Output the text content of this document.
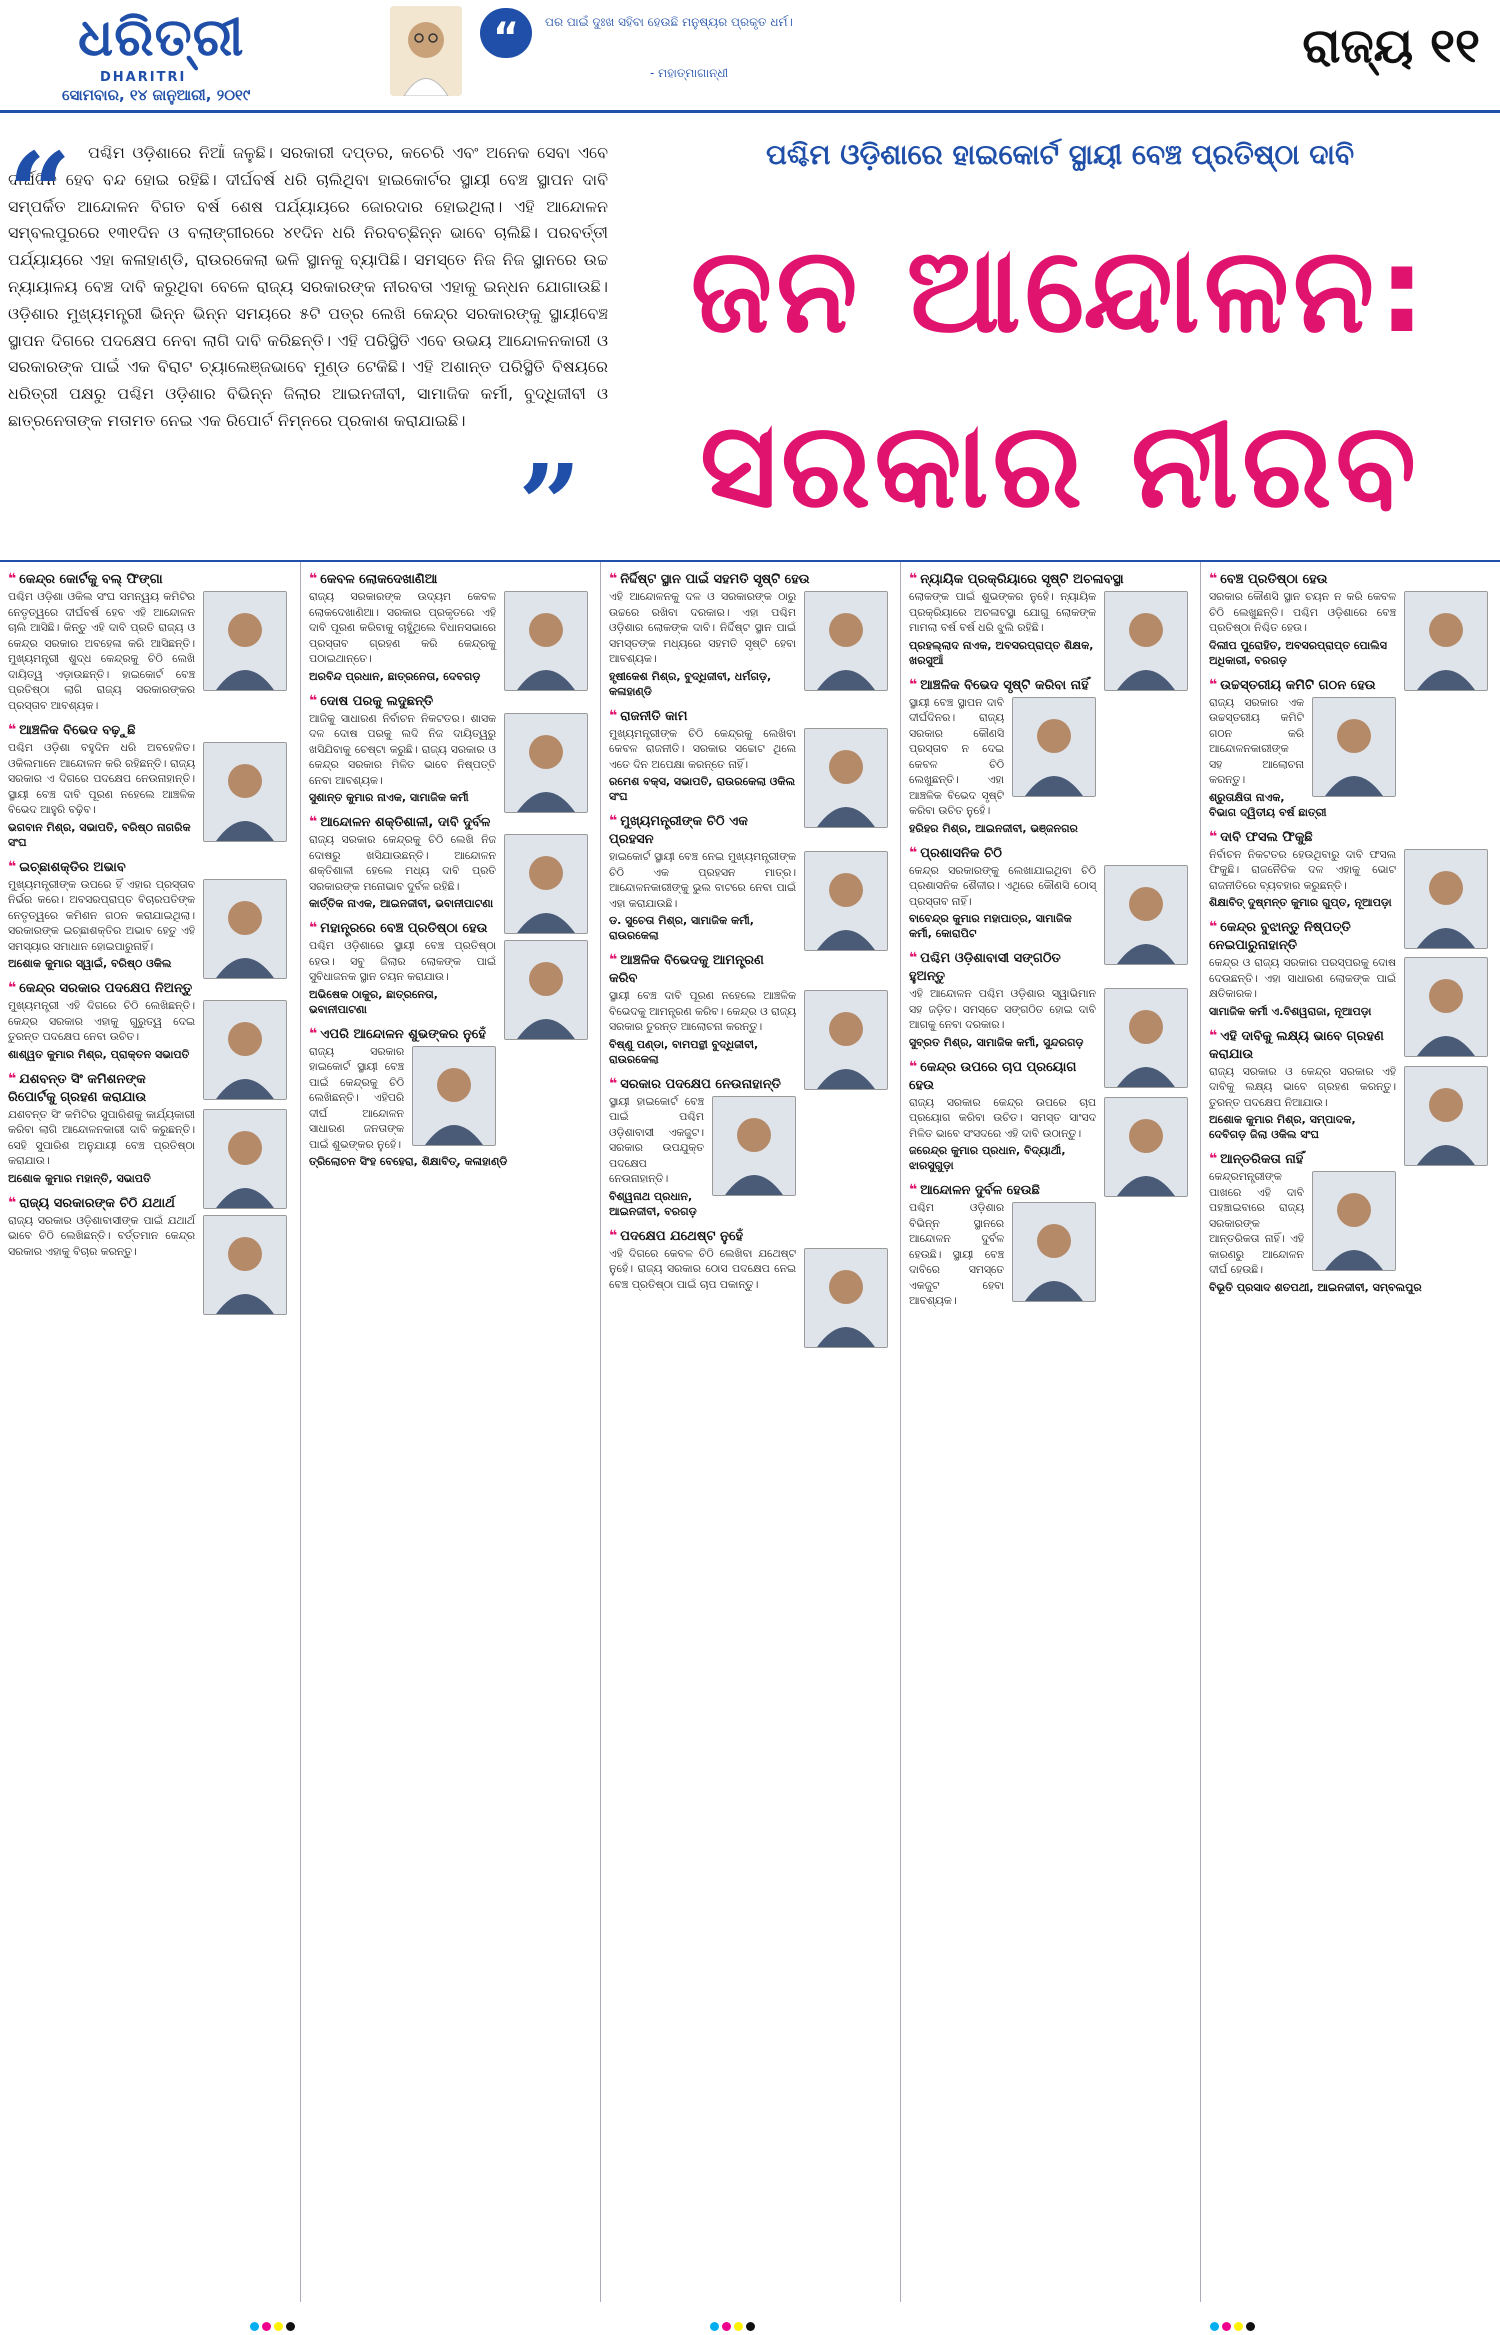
ଧରିତ୍ରୀ
DHARITRI
ସୋମବାର, ୧୪ ଜାନୁଆରୀ, ୨୦୧୯
“	ପର ପାଇଁ ଦୁଃଖ ସହିବା ହେଉଛି ମନୁଷ୍ୟର ପ୍ରକୃତ ଧର୍ମ।
- ମହାତ୍ମାଗାନ୍ଧୀ	ରାଜ୍ୟ ୧୧
ପଶ୍ଚିମ ଓଡ଼ିଶାରେ ନିଆଁ ଜଳୁଛି। ସରକାରୀ ଦପ୍ତର, କଚେରି ଏବଂ ଅନେକ ସେବା ଏବେ ଦୀର୍ଘଦିନ ହେବ ବନ୍ଦ ହୋଇ ରହିଛି। ଦୀର୍ଘବର୍ଷ ଧରି ଚାଲିଥିବା ହାଇକୋର୍ଟର ସ୍ଥାୟୀ ବେଞ୍ଚ ସ୍ଥାପନ ଦାବି ସମ୍ପର୍କିତ ଆନ୍ଦୋଳନ ବିଗତ ବର୍ଷ ଶେଷ ପର୍ଯ୍ୟାୟରେ ଜୋରଦାର ହୋଇଥିଲା। ଏହି ଆନ୍ଦୋଳନ ସମ୍ବଲପୁରରେ ୧୩୧ଦିନ ଓ ବଲାଙ୍ଗୀରରେ ୪୧ଦିନ ଧରି ନିରବଚ୍ଛିନ୍ନ ଭାବେ ଚାଲିଛି। ପରବର୍ତ୍ତୀ ପର୍ଯ୍ୟାୟରେ ଏହା କଳାହାଣ୍ଡି, ରାଉରକେଲା ଭଳି ସ୍ଥାନକୁ ବ୍ୟାପିଛି। ସମସ୍ତେ ନିଜ ନିଜ ସ୍ଥାନରେ ଉଚ୍ଚ ନ୍ୟାୟାଳୟ ବେଞ୍ଚ ଦାବି କରୁଥିବା ବେଳେ ରାଜ୍ୟ ସରକାରଙ୍କ ନୀରବତା ଏହାକୁ ଇନ୍ଧନ ଯୋଗାଉଛି। ଓଡ଼ିଶାର ମୁଖ୍ୟମନ୍ତ୍ରୀ ଭିନ୍ନ ଭିନ୍ନ ସମୟରେ ୫ଟି ପତ୍ର ଲେଖି କେନ୍ଦ୍ର ସରକାରଙ୍କୁ ସ୍ଥାୟୀବେଞ୍ଚ ସ୍ଥାପନ ଦିଗରେ ପଦକ୍ଷେପ ନେବା ଲାଗି ଦାବି କରିଛନ୍ତି। ଏହି ପରିସ୍ଥିତି ଏବେ ଉଭୟ ଆନ୍ଦୋଳନକାରୀ ଓ ସରକାରଙ୍କ ପାଇଁ ଏକ ବିରାଟ ଚ୍ୟାଲେଞ୍ଜଭାବେ ମୁଣ୍ଡ ଟେକିଛି। ଏହି ଅଶାନ୍ତ ପରିସ୍ଥିତି ବିଷୟରେ ଧରିତ୍ରୀ ପକ୍ଷରୁ ପଶ୍ଚିମ ଓଡ଼ିଶାର ବିଭିନ୍ନ ଜିଲାର ଆଇନଜୀବୀ, ସାମାଜିକ କର୍ମୀ, ବୁଦ୍ଧିଜୀବୀ ଓ ଛାତ୍ରନେତାଙ୍କ ମତାମତ ନେଇ ଏକ ରିପୋର୍ଟ ନିମ୍ନରେ ପ୍ରକାଶ କରାଯାଇଛି।
“
”
ପଶ୍ଚିମ ଓଡ଼ିଶାରେ ହାଇକୋର୍ଟ ସ୍ଥାୟୀ ବେଞ୍ଚ ପ୍ରତିଷ୍ଠା ଦାବି
ଜନ ଆନ୍ଦୋଳନ:
ସରକାର ନୀରବ
❝ କେନ୍ଦ୍ର କୋର୍ଟକୁ ବଲ୍ ଫିଙ୍ଗା
ପଶ୍ଚିମ ଓଡ଼ିଶା ଓକିଲ ସଂଘ ସମନ୍ୱୟ କମିଟିର ନେତୃତ୍ୱରେ ଦୀର୍ଘବର୍ଷ ହେବ ଏହି ଆନ୍ଦୋଳନ ଚାଲି ଆସିଛି। କିନ୍ତୁ ଏହି ଦାବି ପ୍ରତି ରାଜ୍ୟ ଓ କେନ୍ଦ୍ର ସରକାର ଅବହେଳା କରି ଆସିଛନ୍ତି। ମୁଖ୍ୟମନ୍ତ୍ରୀ ଶୁଦ୍ଧ କେନ୍ଦ୍ରକୁ ଚିଠି ଲେଖି ଦାୟିତ୍ୱ ଏଡ଼ାଉଛନ୍ତି। ହାଇକୋର୍ଟ ବେଞ୍ଚ ପ୍ରତିଷ୍ଠା ଲାଗି ରାଜ୍ୟ ସରକାରଙ୍କର ପ୍ରସ୍ତାବ ଆବଶ୍ୟକ।
❝ ଆଞ୍ଚଳିକ ବିଭେଦ ବଢ଼ୁଛି
ପଶ୍ଚିମ ଓଡ଼ିଶା ବହୁଦିନ ଧରି ଅବହେଳିତ। ଓକିଲମାନେ ଆନ୍ଦୋଳନ କରି ରହିଛନ୍ତି। ରାଜ୍ୟ ସରକାର ଏ ଦିଗରେ ପଦକ୍ଷେପ ନେଉନାହାନ୍ତି। ସ୍ଥାୟୀ ବେଞ୍ଚ ଦାବି ପୂରଣ ନହେଲେ ଆଞ୍ଚଳିକ ବିଭେଦ ଆହୁରି ବଢ଼ିବ।
ଭଗବାନ ମିଶ୍ର, ସଭାପତି, ବରିଷ୍ଠ ନାଗରିକ ସଂଘ
❝ ଇଚ୍ଛାଶକ୍ତିର ଅଭାବ
ମୁଖ୍ୟମନ୍ତ୍ରୀଙ୍କ ଉପରେ ହିଁ ଏହାର ପ୍ରସ୍ତାବ ନିର୍ଭର କରେ। ଅବସରପ୍ରାପ୍ତ ବିଚାରପତିଙ୍କ ନେତୃତ୍ୱରେ କମିଶନ ଗଠନ କରାଯାଇଥିଲା। ସରକାରଙ୍କ ଇଚ୍ଛାଶକ୍ତିର ଅଭାବ ହେତୁ ଏହି ସମସ୍ୟାର ସମାଧାନ ହୋଇପାରୁନାହିଁ।
ଅଶୋକ କୁମାର ସ୍ୱାଇଁ, ବରିଷ୍ଠ ଓକିଲ
❝ କେନ୍ଦ୍ର ସରକାର ପଦକ୍ଷେପ ନିଅନ୍ତୁ
ମୁଖ୍ୟମନ୍ତ୍ରୀ ଏହି ଦିଗରେ ଚିଠି ଲେଖିଛନ୍ତି। କେନ୍ଦ୍ର ସରକାର ଏହାକୁ ଗୁରୁତ୍ୱ ଦେଇ ତୁରନ୍ତ ପଦକ୍ଷେପ ନେବା ଉଚିତ।
ଶାଶ୍ୱତ କୁମାର ମିଶ୍ର, ପ୍ରାକ୍ତନ ସଭାପତି
❝ ଯଶବନ୍ତ ସିଂ କମିଶନଙ୍କ ରିପୋର୍ଟକୁ ଗ୍ରହଣ କରାଯାଉ
ଯଶବନ୍ତ ସିଂ କମିଟିର ସୁପାରିଶକୁ କାର୍ଯ୍ୟକାରୀ କରିବା ଲାଗି ଆନ୍ଦୋଳନକାରୀ ଦାବି କରୁଛନ୍ତି। ସେହି ସୁପାରିଶ ଅନୁଯାୟୀ ବେଞ୍ଚ ପ୍ରତିଷ୍ଠା କରାଯାଉ।
ଅଶୋକ କୁମାର ମହାନ୍ତି, ସଭାପତି
❝ ରାଜ୍ୟ ସରକାରଙ୍କ ଚିଠି ଯଥାର୍ଥ
ରାଜ୍ୟ ସରକାର ଓଡ଼ିଶାବାସୀଙ୍କ ପାଇଁ ଯଥାର୍ଥ ଭାବେ ଚିଠି ଲେଖିଛନ୍ତି। ବର୍ତ୍ତମାନ କେନ୍ଦ୍ର ସରକାର ଏହାକୁ ବିଚାର କରନ୍ତୁ।
❝ କେବଳ ଲୋକଦେଖାଣିଆ
ରାଜ୍ୟ ସରକାରଙ୍କ ଉଦ୍ୟମ କେବଳ ଲୋକଦେଖାଣିଆ। ସରକାର ପ୍ରକୃତରେ ଏହି ଦାବି ପୂରଣ କରିବାକୁ ଚାହୁଁଥିଲେ ବିଧାନସଭାରେ ପ୍ରସ୍ତାବ ଗ୍ରହଣ କରି କେନ୍ଦ୍ରକୁ ପଠାଇଥାନ୍ତେ।
ଅରବିନ୍ଦ ପ୍ରଧାନ, ଛାତ୍ରନେତା, ଦେବଗଡ଼
❝ ଦୋଷ ପରକୁ ଲଦୁଛନ୍ତି
ଆଜିକୁ ସାଧାରଣ ନିର୍ବାଚନ ନିକଟତର। ଶାସକ ଦଳ ଦୋଷ ପରକୁ ଲଦି ନିଜ ଦାୟିତ୍ୱରୁ ଖସିଯିବାକୁ ଚେଷ୍ଟା କରୁଛି। ରାଜ୍ୟ ସରକାର ଓ କେନ୍ଦ୍ର ସରକାର ମିଳିତ ଭାବେ ନିଷ୍ପତ୍ତି ନେବା ଆବଶ୍ୟକ।
ସୁଶାନ୍ତ କୁମାର ନାଏକ, ସାମାଜିକ କର୍ମୀ
❝ ଆନ୍ଦୋଳନ ଶକ୍ତିଶାଳୀ, ଦାବି ଦୁର୍ବଳ
ରାଜ୍ୟ ସରକାର କେନ୍ଦ୍ରକୁ ଚିଠି ଲେଖି ନିଜ ଦୋଷରୁ ଖସିଯାଉଛନ୍ତି। ଆନ୍ଦୋଳନ ଶକ୍ତିଶାଳୀ ହେଲେ ମଧ୍ୟ ଦାବି ପ୍ରତି ସରକାରଙ୍କ ମନୋଭାବ ଦୁର୍ବଳ ରହିଛି।
କାର୍ତ୍ତିକ ନାଏକ, ଆଇନଜୀବୀ, ଭବାନୀପାଟଣା
❝ ମହାନ୍ତ୍ରରେ ବେଞ୍ଚ ପ୍ରତିଷ୍ଠା ହେଉ
ପଶ୍ଚିମ ଓଡ଼ିଶାରେ ସ୍ଥାୟୀ ବେଞ୍ଚ ପ୍ରତିଷ୍ଠା ହେଉ। ସବୁ ଜିଲାର ଲୋକଙ୍କ ପାଇଁ ସୁବିଧାଜନକ ସ୍ଥାନ ଚୟନ କରାଯାଉ।
ଅଭିଷେକ ଠାକୁର, ଛାତ୍ରନେତା, ଭବାନୀପାଟଣା
❝ ଏପରି ଆନ୍ଦୋଳନ ଶୁଭଙ୍କର ନୁହେଁ
ରାଜ୍ୟ ସରକାର ହାଇକୋର୍ଟ ସ୍ଥାୟୀ ବେଞ୍ଚ ପାଇଁ କେନ୍ଦ୍ରକୁ ଚିଠି ଲେଖିଛନ୍ତି। ଏହିପରି ଦୀର୍ଘ ଆନ୍ଦୋଳନ ସାଧାରଣ ଜନତାଙ୍କ ପାଇଁ ଶୁଭଙ୍କର ନୁହେଁ।
ତ୍ରିଲୋଚନ ସିଂହ ବେହେରା, ଶିକ୍ଷାବିତ୍, କଳାହାଣ୍ଡି
❝ ନିର୍ଦ୍ଦିଷ୍ଟ ସ୍ଥାନ ପାଇଁ ସହମତି ସୃଷ୍ଟି ହେଉ
ଏହି ଆନ୍ଦୋଳନକୁ ଦଳ ଓ ସରକାରଙ୍କ ଠାରୁ ଉଚ୍ଚରେ ରଖିବା ଦରକାର। ଏହା ପଶ୍ଚିମ ଓଡ଼ିଶାର ଲୋକଙ୍କ ଦାବି। ନିର୍ଦ୍ଦିଷ୍ଟ ସ୍ଥାନ ପାଇଁ ସମସ୍ତଙ୍କ ମଧ୍ୟରେ ସହମତି ସୃଷ୍ଟି ହେବା ଆବଶ୍ୟକ।
ହୃଷୀକେଶ ମିଶ୍ର, ବୁଦ୍ଧିଜୀବୀ, ଧର୍ମଗଡ଼, କଳାହାଣ୍ଡି
❝ ରାଜନୀତି କାମ
ମୁଖ୍ୟମନ୍ତ୍ରୀଙ୍କ ଚିଠି କେନ୍ଦ୍ରକୁ ଲେଖିବା କେବଳ ରାଜନୀତି। ସରକାର ସଚ୍ଚୋଟ ଥିଲେ ଏତେ ଦିନ ଅପେକ୍ଷା କରନ୍ତେ ନାହିଁ।
ରମେଶ ବକ୍ସ, ସଭାପତି, ରାଉରକେଲା ଓକିଲ ସଂଘ
❝ ମୁଖ୍ୟମନ୍ତ୍ରୀଙ୍କ ଚିଠି ଏକ ପ୍ରହସନ
ହାଇକୋର୍ଟ ସ୍ଥାୟୀ ବେଞ୍ଚ ନେଇ ମୁଖ୍ୟମନ୍ତ୍ରୀଙ୍କ ଚିଠି ଏକ ପ୍ରହସନ ମାତ୍ର। ଆନ୍ଦୋଳନକାରୀଙ୍କୁ ଭୁଲ ବାଟରେ ନେବା ପାଇଁ ଏହା କରାଯାଉଛି।
ଡ. ସୁଚେତା ମିଶ୍ର, ସାମାଜିକ କର୍ମୀ, ରାଉରକେଲା
❝ ଆଞ୍ଚଳିକ ବିଭେଦକୁ ଆମନ୍ତ୍ରଣ କରିବ
ସ୍ଥାୟୀ ବେଞ୍ଚ ଦାବି ପୂରଣ ନହେଲେ ଆଞ୍ଚଳିକ ବିଭେଦକୁ ଆମନ୍ତ୍ରଣ କରିବ। କେନ୍ଦ୍ର ଓ ରାଜ୍ୟ ସରକାର ତୁରନ୍ତ ଆଲୋଚନା କରନ୍ତୁ।
ବିଷ୍ଣୁ ପଣ୍ଡା, ବାମପନ୍ଥୀ ବୁଦ୍ଧିଜୀବୀ, ରାଉରକେଲା
❝ ସରକାର ପଦକ୍ଷେପ ନେଉନାହାନ୍ତି
ସ୍ଥାୟୀ ହାଇକୋର୍ଟ ବେଞ୍ଚ ପାଇଁ ପଶ୍ଚିମ ଓଡ଼ିଶାବାସୀ ଏକଜୁଟ। ସରକାର ଉପଯୁକ୍ତ ପଦକ୍ଷେପ ନେଉନାହାନ୍ତି।
ବିଶ୍ୱନାଥ ପ୍ରଧାନ, ଆଇନଜୀବୀ, ବରଗଡ଼
❝ ପଦକ୍ଷେପ ଯଥେଷ୍ଟ ନୁହେଁ
ଏହି ଦିଗରେ କେବଳ ଚିଠି ଲେଖିବା ଯଥେଷ୍ଟ ନୁହେଁ। ରାଜ୍ୟ ସରକାର ଠୋସ ପଦକ୍ଷେପ ନେଇ ବେଞ୍ଚ ପ୍ରତିଷ୍ଠା ପାଇଁ ଚାପ ପକାନ୍ତୁ।
❝ ନ୍ୟାୟିକ ପ୍ରକ୍ରିୟାରେ ସୃଷ୍ଟି ଅଚଳାବସ୍ଥା
ଲୋକଙ୍କ ପାଇଁ ଶୁଭଙ୍କର ନୁହେଁ। ନ୍ୟାୟିକ ପ୍ରକ୍ରିୟାରେ ଅଚଳାବସ୍ଥା ଯୋଗୁ ଲୋକଙ୍କ ମାମଲା ବର୍ଷ ବର୍ଷ ଧରି ଝୁଲି ରହିଛି।
ପ୍ରହଲ୍ଲାଦ ନାଏକ, ଅବସରପ୍ରାପ୍ତ ଶିକ୍ଷକ, ଖରସୁଆଁ
❝ ଆଞ୍ଚଳିକ ବିଭେଦ ସୃଷ୍ଟି କରିବା ନାହିଁ
ସ୍ଥାୟୀ ବେଞ୍ଚ ସ୍ଥାପନ ଦାବି ଦୀର୍ଘଦିନର। ରାଜ୍ୟ ସରକାର କୌଣସି ପ୍ରସ୍ତାବ ନ ଦେଇ କେବଳ ଚିଠି ଲେଖୁଛନ୍ତି। ଏହା ଆଞ୍ଚଳିକ ବିଭେଦ ସୃଷ୍ଟି କରିବା ଉଚିତ ନୁହେଁ।
ହରିହର ମିଶ୍ର, ଆଇନଜୀବୀ, ଭଞ୍ଜନଗର
❝ ପ୍ରଶାସନିକ ଚିଠି
କେନ୍ଦ୍ର ସରକାରଙ୍କୁ ଲେଖାଯାଇଥିବା ଚିଠି ପ୍ରଶାସନିକ ଶୈଳୀର। ଏଥିରେ କୌଣସି ଠୋସ୍ ପ୍ରସ୍ତାବ ନାହିଁ।
ବାବେନ୍ଦ୍ର କୁମାର ମହାପାତ୍ର, ସାମାଜିକ କର୍ମୀ, କୋରାପିଟ
❝ ପଶ୍ଚିମ ଓଡ଼ିଶାବାସୀ ସଙ୍ଗଠିତ ହୁଅନ୍ତୁ
ଏହି ଆନ୍ଦୋଳନ ପଶ୍ଚିମ ଓଡ଼ିଶାର ସ୍ୱାଭିମାନ ସହ ଜଡ଼ିତ। ସମସ୍ତେ ସଙ୍ଗଠିତ ହୋଇ ଦାବି ଆଗକୁ ନେବା ଦରକାର।
ସୁବ୍ରତ ମିଶ୍ର, ସାମାଜିକ କର୍ମୀ, ସୁନ୍ଦରଗଡ଼
❝ କେନ୍ଦ୍ର ଉପରେ ଚାପ ପ୍ରୟୋଗ ହେଉ
ରାଜ୍ୟ ସରକାର କେନ୍ଦ୍ର ଉପରେ ଚାପ ପ୍ରୟୋଗ କରିବା ଉଚିତ। ସମସ୍ତ ସାଂସଦ ମିଳିତ ଭାବେ ସଂସଦରେ ଏହି ଦାବି ଉଠାନ୍ତୁ।
ଜରେନ୍ଦ୍ର କୁମାର ପ୍ରଧାନ, ବିଦ୍ୟାର୍ଥୀ, ଝାରସୁଗୁଡ଼ା
❝ ଆନ୍ଦୋଳନ ଦୁର୍ବଳ ହେଉଛି
ପଶ୍ଚିମ ଓଡ଼ିଶାର ବିଭିନ୍ନ ସ୍ଥାନରେ ଆନ୍ଦୋଳନ ଦୁର୍ବଳ ହେଉଛି। ସ୍ଥାୟୀ ବେଞ୍ଚ ଦାବିରେ ସମସ୍ତେ ଏକଜୁଟ ହେବା ଆବଶ୍ୟକ।
❝ ବେଞ୍ଚ ପ୍ରତିଷ୍ଠା ହେଉ
ସରକାର କୌଣସି ସ୍ଥାନ ଚୟନ ନ କରି କେବଳ ଚିଠି ଲେଖୁଛନ୍ତି। ପଶ୍ଚିମ ଓଡ଼ିଶାରେ ବେଞ୍ଚ ପ୍ରତିଷ୍ଠା ନିଶ୍ଚିତ ହେଉ।
ଦିଲୀପ ପୁରୋହିତ, ଅବସରପ୍ରାପ୍ତ ପୋଲିସ ଅଧିକାରୀ, ବରଗଡ଼
❝ ଉଚ୍ଚସ୍ତରୀୟ କମିଟି ଗଠନ ହେଉ
ରାଜ୍ୟ ସରକାର ଏକ ଉଚ୍ଚସ୍ତରୀୟ କମିଟି ଗଠନ କରି ଆନ୍ଦୋଳନକାରୀଙ୍କ ସହ ଆଲୋଚନା କରନ୍ତୁ।
ଶ୍ରୁତାକ୍ଷିତା ନାଏକ, ବିଭାଗ ଦ୍ୱିତୀୟ ବର୍ଷ ଛାତ୍ରୀ
❝ ଦାବି ଫସଲ ଫିକୁଛି
ନିର୍ବାଚନ ନିକଟତର ହେଉଥିବାରୁ ଦାବି ଫସଲ ଫିକୁଛି। ରାଜନୈତିକ ଦଳ ଏହାକୁ ଭୋଟ ରାଜନୀତିରେ ବ୍ୟବହାର କରୁଛନ୍ତି।
ଶିକ୍ଷାବିତ୍ ଦୁଷ୍ମନ୍ତ କୁମାର ଗୁପ୍ତ, ନୂଆପଡ଼ା
❝ କେନ୍ଦ୍ର ବୁଝାନ୍ତୁ ନିଷ୍ପତ୍ତି ନେଇପାରୁନାହାନ୍ତି
କେନ୍ଦ୍ର ଓ ରାଜ୍ୟ ସରକାର ପରସ୍ପରକୁ ଦୋଷ ଦେଉଛନ୍ତି। ଏହା ସାଧାରଣ ଲୋକଙ୍କ ପାଇଁ କ୍ଷତିକାରକ।
ସାମାଜିକ କର୍ମୀ ଏ.ବିଶୱରାଜା, ନୂଆପଡ଼ା
❝ ଏହି ଦାବିକୁ ଲକ୍ଷ୍ୟ ଭାବେ ଗ୍ରହଣ କରାଯାଉ
ରାଜ୍ୟ ସରକାର ଓ କେନ୍ଦ୍ର ସରକାର ଏହି ଦାବିକୁ ଲକ୍ଷ୍ୟ ଭାବେ ଗ୍ରହଣ କରନ୍ତୁ। ତୁରନ୍ତ ପଦକ୍ଷେପ ନିଆଯାଉ।
ଅଶୋକ କୁମାର ମିଶ୍ର, ସମ୍ପାଦକ, ଦେବିଗଡ଼ ଜିଲା ଓକିଲ ସଂଘ
❝ ଆନ୍ତରିକତା ନାହିଁ
କେନ୍ଦ୍ରମନ୍ତ୍ରୀଙ୍କ ପାଖରେ ଏହି ଦାବି ପହଞ୍ଚାଇବାରେ ରାଜ୍ୟ ସରକାରଙ୍କ ଆନ୍ତରିକତା ନାହିଁ। ଏହି କାରଣରୁ ଆନ୍ଦୋଳନ ଦୀର୍ଘ ହେଉଛି।
ବିଭୂତି ପ୍ରସାଦ ଶତପଥୀ, ଆଇନଜୀବୀ, ସମ୍ବଲପୁର
